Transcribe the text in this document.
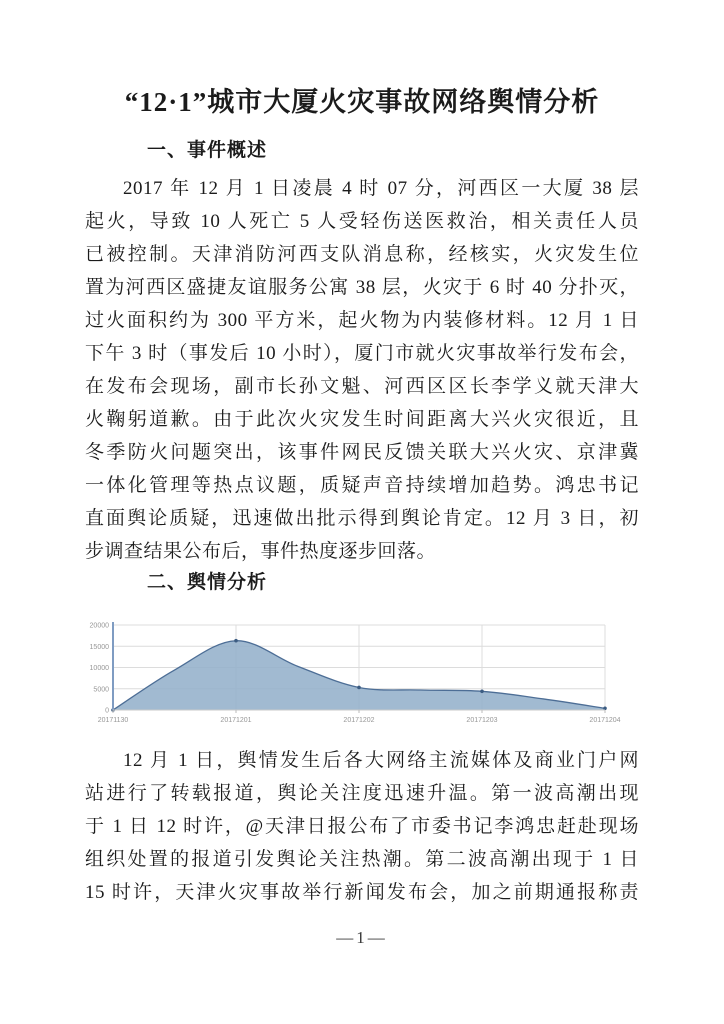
“12·1”城市大厦火灾事故网络舆情分析
一、事件概述
2017 年 12 月 1 日凌晨 4 时 07 分，河西区一大厦 38 层
起火，导致 10 人死亡 5 人受轻伤送医救治，相关责任人员
已被控制。天津消防河西支队消息称，经核实，火灾发生位
置为河西区盛捷友谊服务公寓 38 层，火灾于 6 时 40 分扑灭，
过火面积约为 300 平方米，起火物为内装修材料。12 月 1 日
下午 3 时（事发后 10 小时），厦门市就火灾事故举行发布会，
在发布会现场，副市长孙文魁、河西区区长李学义就天津大
火鞠躬道歉。由于此次火灾发生时间距离大兴火灾很近，且
冬季防火问题突出，该事件网民反馈关联大兴火灾、京津冀
一体化管理等热点议题，质疑声音持续增加趋势。鸿忠书记
直面舆论质疑，迅速做出批示得到舆论肯定。12 月 3 日，初
步调查结果公布后，事件热度逐步回落。
二、舆情分析
0
5000
10000
15000
20000
20171130	20171201	20171202	20171203	20171204
12 月 1 日，舆情发生后各大网络主流媒体及商业门户网
站进行了转载报道，舆论关注度迅速升温。第一波高潮出现
于 1 日 12 时许，@天津日报公布了市委书记李鸿忠赶赴现场
组织处置的报道引发舆论关注热潮。第二波高潮出现于 1 日
15 时许，天津火灾事故举行新闻发布会，加之前期通报称责
—1—
